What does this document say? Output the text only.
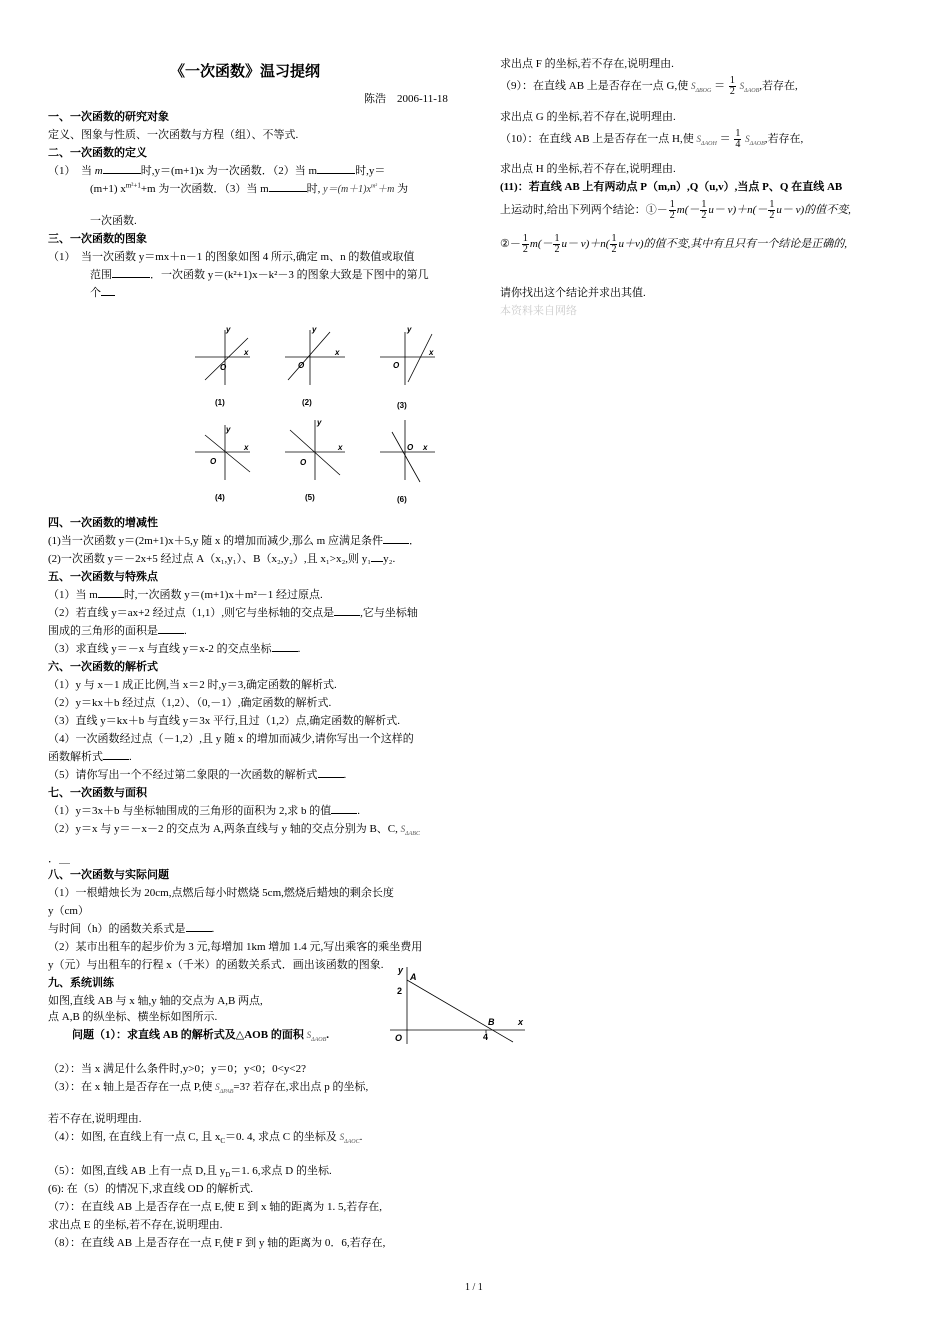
《一次函数》温习提纲
陈浩　2006-11-18
一、一次函数的研究对象
定义、图象与性质、一次函数与方程（组）、不等式.
二、一次函数的定义
（1）　当 m	时,y＝(m+1)x 为一次函数．（2）当 m	时,y＝
(m+1) $x^{m^2+1}+m$ 为一次函数．（3）当 m	时, $y=(m+1)x^{m^2}+m$ 为
一次函数.
三、一次函数的图象
（1）　当一次函数 y＝mx＋n－1 的图象如图 4 所示,确定 m、n 的数值或取值
范围	．一次函数 y＝(k²+1)x－k²－3 的图象大致是下图中的第几
个
y
x
O
y
x
O
y
x
O
y
x
O
y
x
O
x
O
(1)	(2)	(3)
(4)	(5)	(6)
四、一次函数的增减性
(1)当一次函数 y＝(2m+1)x＋5,y 随 x 的增加而减少,那么 m 应满足条件 ．
(2)一次函数 y＝－2x+5 经过点 A（x₁,y₁）、B（x₂,y₂）,且 x₁>x₂,则 y₁ y₂.
五、一次函数与特殊点
（1）当 m 时,一次函数 y＝(m+1)x＋m²－1 经过原点.
（2）若直线 y＝ax+2 经过点（1,1）,则它与坐标轴的交点是 ,它与坐标轴
围成的三角形的面积是 .
（3）求直线 y＝－x 与直线 y＝x-2 的交点坐标 .
六、一次函数的解析式
（1）y 与 x－1 成正比例,当 x＝2 时,y＝3,确定函数的解析式.
（2）y＝kx＋b 经过点（1,2）、（0,－1）,确定函数的解析式.
（3）直线 y＝kx＋b 与直线 y＝3x 平行,且过（1,2）点,确定函数的解析式.
（4）一次函数经过点（－1,2）,且 y 随 x 的增加而减少,请你写出一个这样的
函数解析式 .
（5）请你写出一个不经过第二象限的一次函数的解析式 .
七、一次函数与面积
（1）y＝3x＋b 与坐标轴围成的三角形的面积为 2,求 b 的值 .
（2）y＝x 与 y＝－x－2 的交点为 A,两条直线与 y 轴的交点分别为 B、C, $S_{\Delta ABC}$
．＿
八、一次函数与实际问题
（1）一根蜡烛长为 20cm,点燃后每小时燃烧 5cm,燃烧后蜡烛的剩余长度
y（cm）
与时间（h）的函数关系式是 .
（2）某市出租车的起步价为 3 元,每增加 1km 增加 1.4 元,写出乘客的乘坐费用
y（元）与出租车的行程 x（千米）的函数关系式．画出该函数的图象.
九、系统训练
如图,直线 AB 与 x 轴,y 轴的交点为 A,B 两点,
点 A,B 的纵坐标、横坐标如图所示.
问题（1）：求直线 AB 的解析式及△AOB 的面积 $S_{\Delta AOB}$.
（2）：当 x 满足什么条件时,y>0；y＝0；y<0；0<y<2?
（3）：在 x 轴上是否存在一点 P,使 $S_{\Delta PAB}=3$? 若存在,求出点 p 的坐标,
若不存在,说明理由.
（4）：如图, 在直线上有一点 C, 且 $x_C=0$. 4, 求点 C 的坐标及 $S_{\Delta AOC}$.
（5）：如图,直线 AB 上有一点 D,且 $y_D=1$. 6,求点 D 的坐标.
(6): 在（5）的情况下,求直线 OD 的解析式.
（7）：在直线 AB 上是否存在一点 E,使 E 到 x 轴的距离为 1. 5,若存在,
求出点 E 的坐标,若不存在,说明理由.
（8）：在直线 AB 上是否存在一点 F,使 F 到 y 轴的距离为 0．6,若存在,
A
B
O
x
y
2
4
求出点 F 的坐标,若不存在,说明理由.
（9）：在直线 AB 上是否存在一点 G,使 $S_{\Delta BOG} = \frac{1}{2} S_{\Delta AOB}$,若存在,
求出点 G 的坐标,若不存在,说明理由.
（10）：在直线 AB 上是否存在一点 H,使 $S_{\Delta AOH} = \frac{1}{4} S_{\Delta AOB}$,若存在,
求出点 H 的坐标,若不存在,说明理由.
(11)：若直线 AB 上有两动点 P（m,n）,Q（u,v）,当点 P、Q 在直线 AB
上运动时,给出下列两个结论：①－ $\frac{1}{2} m(- \frac{1}{2} u- v)+n(- \frac{1}{2} u- v)$的值不变,
②－ $\frac{1}{2} m(- \frac{1}{2} u- v)+n( \frac{1}{2} u+v)$的值不变,其中有且只有一个结论是正确的,
请你找出这个结论并求出其值.
本资料来自网络
1 / 1
